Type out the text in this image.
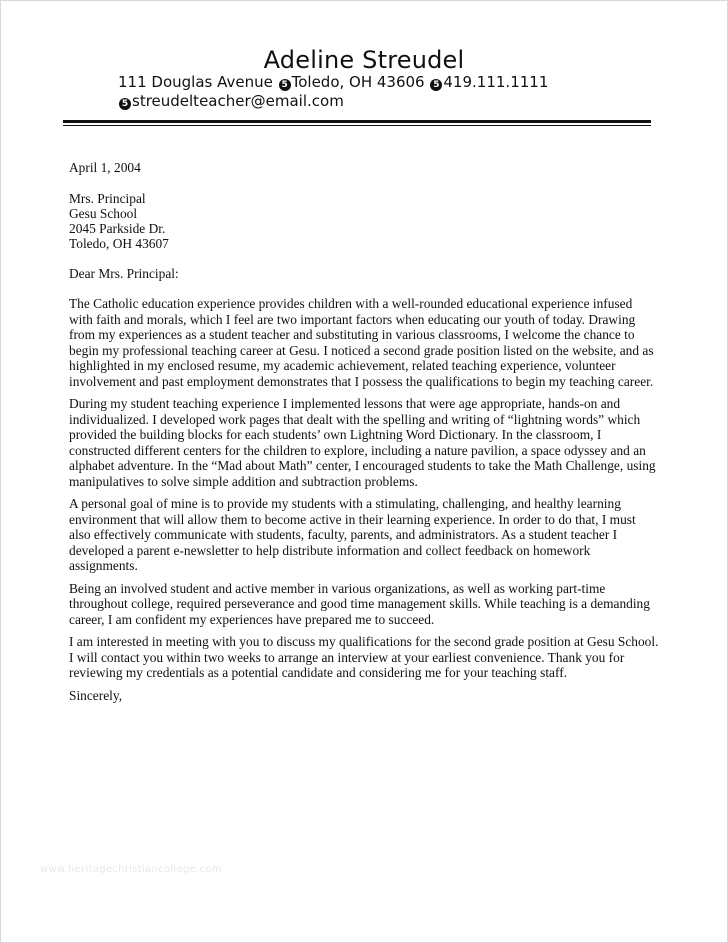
Adeline Streudel
111 Douglas Avenue 5 Toledo, OH 43606 5 419.111.1111
5 streudelteacher@email.com

April 1, 2004

Mrs. Principal
Gesu School
2045 Parkside Dr.
Toledo, OH 43607

Dear Mrs. Principal:

The Catholic education experience provides children with a well-rounded educational experience infused with faith and morals, which I feel are two important factors when educating our youth of today. Drawing from my experiences as a student teacher and substituting in various classrooms, I welcome the chance to begin my professional teaching career at Gesu. I noticed a second grade position listed on the website, and as highlighted in my enclosed resume, my academic achievement, related teaching experience, volunteer involvement and past employment demonstrates that I possess the qualifications to begin my teaching career.

During my student teaching experience I implemented lessons that were age appropriate, hands-on and individualized. I developed work pages that dealt with the spelling and writing of “lightning words” which provided the building blocks for each students’ own Lightning Word Dictionary. In the classroom, I constructed different centers for the children to explore, including a nature pavilion, a space odyssey and an alphabet adventure. In the “Mad about Math” center, I encouraged students to take the Math Challenge, using manipulatives to solve simple addition and subtraction problems.

A personal goal of mine is to provide my students with a stimulating, challenging, and healthy learning environment that will allow them to become active in their learning experience. In order to do that, I must also effectively communicate with students, faculty, parents, and administrators. As a student teacher I developed a parent e-newsletter to help distribute information and collect feedback on homework assignments.

Being an involved student and active member in various organizations, as well as working part-time throughout college, required perseverance and good time management skills. While teaching is a demanding career, I am confident my experiences have prepared me to succeed.

I am interested in meeting with you to discuss my qualifications for the second grade position at Gesu School. I will contact you within two weeks to arrange an interview at your earliest convenience. Thank you for reviewing my credentials as a potential candidate and considering me for your teaching staff.

Sincerely,

www.heritagechristiancollege.com
